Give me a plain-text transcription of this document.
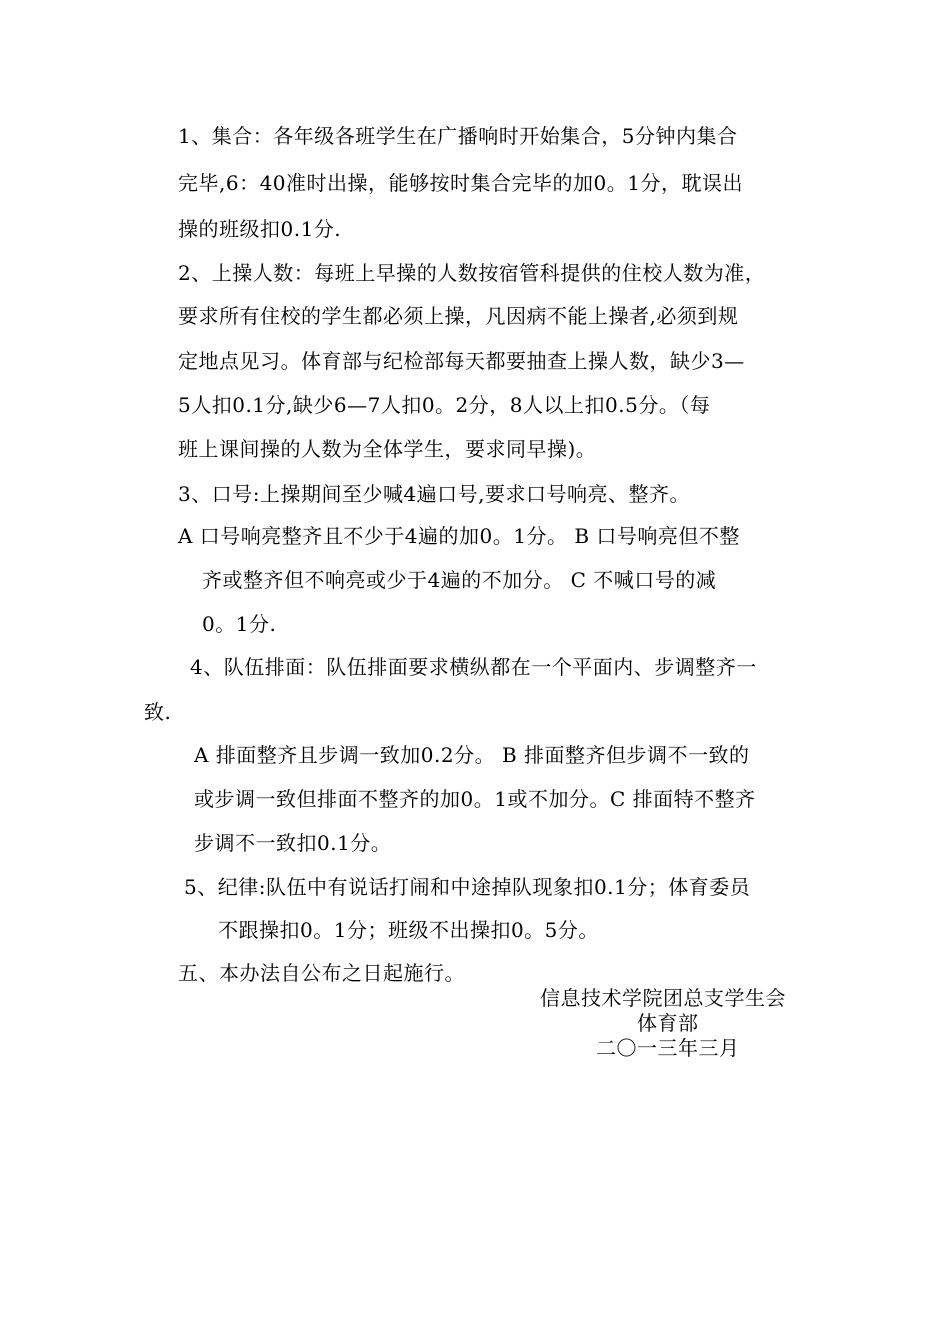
1、集合：各年级各班学生在广播响时开始集合，5分钟内集合
完毕,6：40准时出操，能够按时集合完毕的加0。1分，耽误出
操的班级扣0.1分.
2、上操人数：每班上早操的人数按宿管科提供的住校人数为准，
要求所有住校的学生都必须上操，凡因病不能上操者,必须到规
定地点见习。体育部与纪检部每天都要抽查上操人数，缺少3—
5人扣0.1分,缺少6—7人扣0。2分，8人以上扣0.5分。（每
班上课间操的人数为全体学生，要求同早操)。
3、口号:上操期间至少喊4遍口号,要求口号响亮、整齐。
A 口号响亮整齐且不少于4遍的加0。1分。 B 口号响亮但不整
齐或整齐但不响亮或少于4遍的不加分。 C 不喊口号的减
0。1分.
4、队伍排面：队伍排面要求横纵都在一个平面内、步调整齐一
致.
A 排面整齐且步调一致加0.2分。 B 排面整齐但步调不一致的
或步调一致但排面不整齐的加0。1或不加分。C 排面特不整齐
步调不一致扣0.1分。
5、纪律:队伍中有说话打闹和中途掉队现象扣0.1分；体育委员
不跟操扣0。1分；班级不出操扣0。5分。
五、本办法自公布之日起施行。
信息技术学院团总支学生会
体育部
二〇一三年三月
